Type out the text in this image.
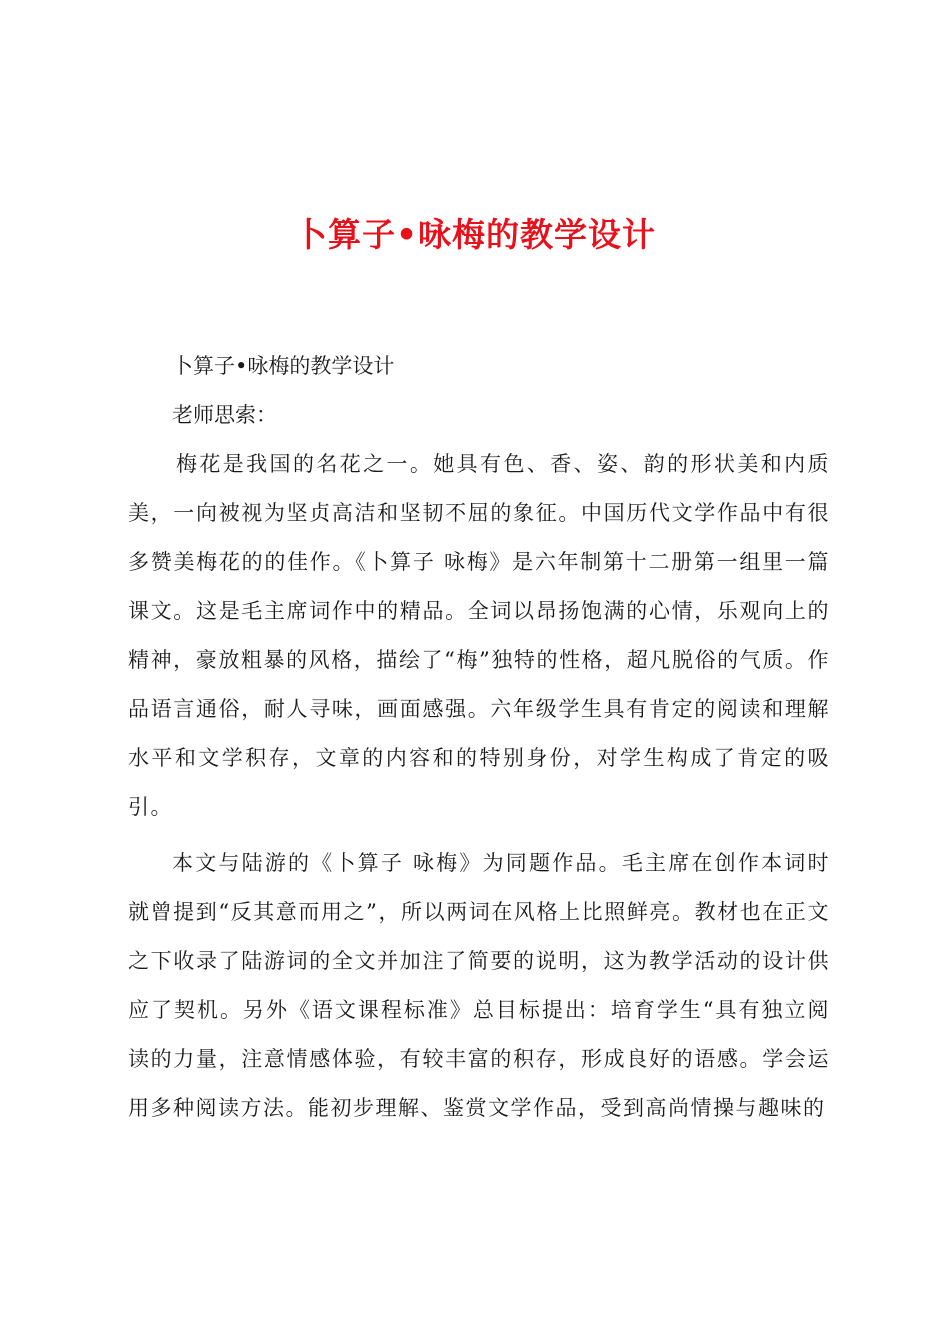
卜算子•咏梅的教学设计

卜算子•咏梅的教学设计

老师思索：

梅花是我国的名花之一。她具有色、香、姿、韵的形状美和内质美，一向被视为坚贞高洁和坚韧不屈的象征。中国历代文学作品中有很多赞美梅花的的佳作。《卜算子 咏梅》是六年制第十二册第一组里一篇课文。这是毛主席词作中的精品。全词以昂扬饱满的心情，乐观向上的精神，豪放粗暴的风格，描绘了“梅”独特的性格，超凡脱俗的气质。作品语言通俗，耐人寻味，画面感强。六年级学生具有肯定的阅读和理解水平和文学积存，文章的内容和的特别身份，对学生构成了肯定的吸引。

本文与陆游的《卜算子 咏梅》为同题作品。毛主席在创作本词时就曾提到“反其意而用之”，所以两词在风格上比照鲜亮。教材也在正文之下收录了陆游词的全文并加注了简要的说明，这为教学活动的设计供应了契机。另外《语文课程标准》总目标提出：培育学生“具有独立阅读的力量，注意情感体验，有较丰富的积存，形成良好的语感。学会运用多种阅读方法。能初步理解、鉴赏文学作品，受到高尚情操与趣味的
